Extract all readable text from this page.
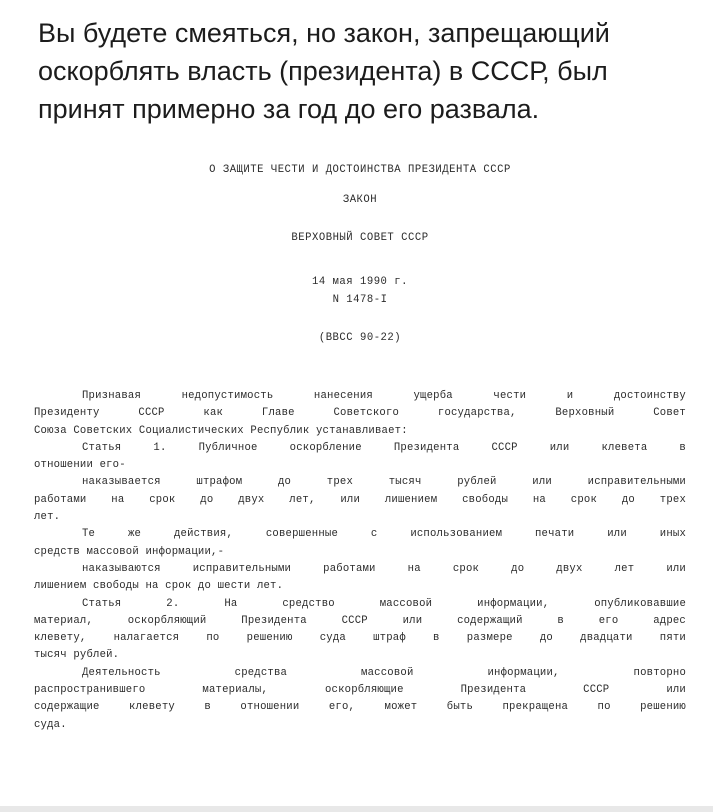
Вы будете смеяться, но закон, запрещающий
оскорблять власть (президента) в СССР, был
принят примерно за год до его развала.
О ЗАЩИТЕ ЧЕСТИ И ДОСТОИНСТВА ПРЕЗИДЕНТА СССР
ЗАКОН
ВЕРХОВНЫЙ СОВЕТ СССР
14 мая 1990 г.
N 1478-I
(ВВСС 90-22)
Признавая недопустимость нанесения ущерба чести и достоинству
Президенту СССР как Главе Советского государства, Верховный Совет
Союза Советских Социалистических Республик устанавливает:
Статья 1. Публичное оскорбление Президента СССР или клевета в
отношении его-
наказывается штрафом до трех тысяч рублей или исправительными
работами на срок до двух лет, или лишением свободы на срок до трех
лет.
Те же действия, совершенные с использованием печати или иных
средств массовой информации,-
наказываются исправительными работами на срок до двух лет или
лишением свободы на срок до шести лет.
Статья 2. На средство массовой информации, опубликовавшие
материал, оскорбляющий Президента СССР или содержащий в его адрес
клевету, налагается по решению суда штраф в размере до двадцати пяти
тысяч рублей.
Деятельность средства массовой информации, повторно
распространившего материалы, оскорбляющие Президента СССР или
содержащие клевету в отношении его, может быть прекращена по решению
суда.
